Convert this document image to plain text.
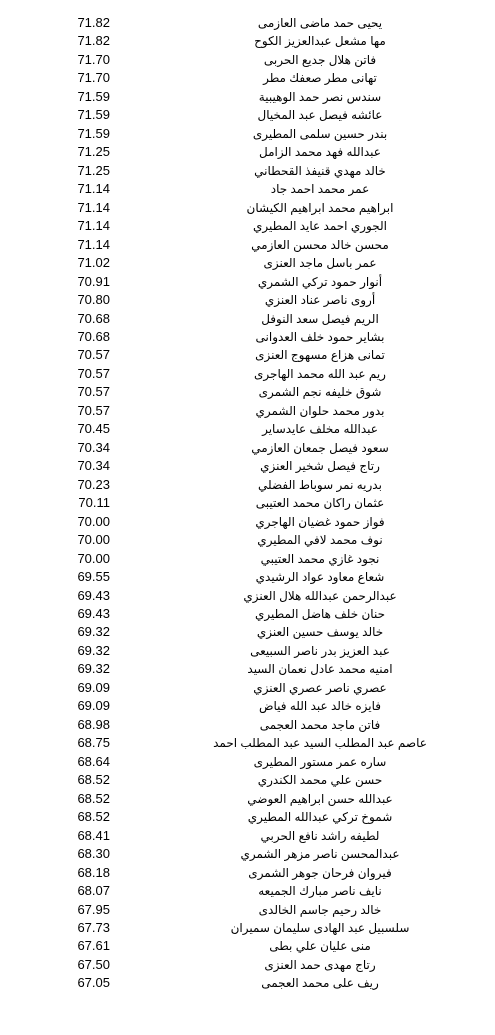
71.82	يحيى حمد ماضى العازمى
71.82	مها مشعل عبدالعزيز الكوح
71.70	فاتن هلال جديع الحربى
71.70	تهانى مطر صعفك مطر
71.59	سندس نصر حمد الوهيبية
71.59	عائشه فيصل عبد المخيال
71.59	بندر حسين سلمى المطيرى
71.25	عبدالله فهد محمد الزامل
71.25	خالد مهدي قنيفذ القحطاني
71.14	عمر محمد احمد جاد
71.14	ابراهيم محمد ابراهيم الكيشان
71.14	الجوري احمد عايد المطيري
71.14	محسن خالد محسن العازمي
71.02	عمر باسل ماجد العنزى
70.91	أنوار حمود تركي الشمري
70.80	أروى ناصر عناد العنزي
70.68	الريم فيصل سعد النوفل
70.68	بشاير حمود خلف العدوانى
70.57	تمانى هزاع مسهوج العنزى
70.57	ريم عبد الله محمد الهاجرى
70.57	شوق خليفه نجم الشمرى
70.57	بدور محمد حلوان الشمري
70.45	عبدالله مخلف عايدساير
70.34	سعود فيصل جمعان العازمي
70.34	رتاج فيصل شخير العنزي
70.23	بدريه نمر سوباط الفضلي
70.11	عثمان راكان محمد العتيبى
70.00	فواز حمود غضيان الهاجري
70.00	نوف محمد لافي المطيري
70.00	نجود غازي محمد العتيبي
69.55	شعاع معاود عواد الرشيدي
69.43	عبدالرحمن عبدالله هلال العنزي
69.43	حنان خلف هاضل المطيري
69.32	خالد يوسف حسين العنزي
69.32	عبد العزيز بدر ناصر السبيعى
69.32	امنيه محمد عادل نعمان السيد
69.09	عصري ناصر عصري العنزي
69.09	فايزه خالد عبد الله فياض
68.98	فاتن ماجد محمد العجمى
68.75	عاصم عبد المطلب السيد عبد المطلب احمد
68.64	ساره عمر مستور المطيرى
68.52	حسن علي محمد الكندري
68.52	عبدالله حسن ابراهيم العوضي
68.52	شموخ تركي عبدالله المطيري
68.41	لطيفه راشد نافع الحربي
68.30	عبدالمحسن ناصر مزهر الشمري
68.18	فيروان فرحان جوهر الشمرى
68.07	نايف ناصر مبارك الجميعه
67.95	خالد رحيم جاسم الخالدى
67.73	سلسبيل عبد الهادى سليمان سميران
67.61	منى عليان علي بطى
67.50	رتاج مهدى حمد العنزى
67.05	ريف على محمد العجمى
